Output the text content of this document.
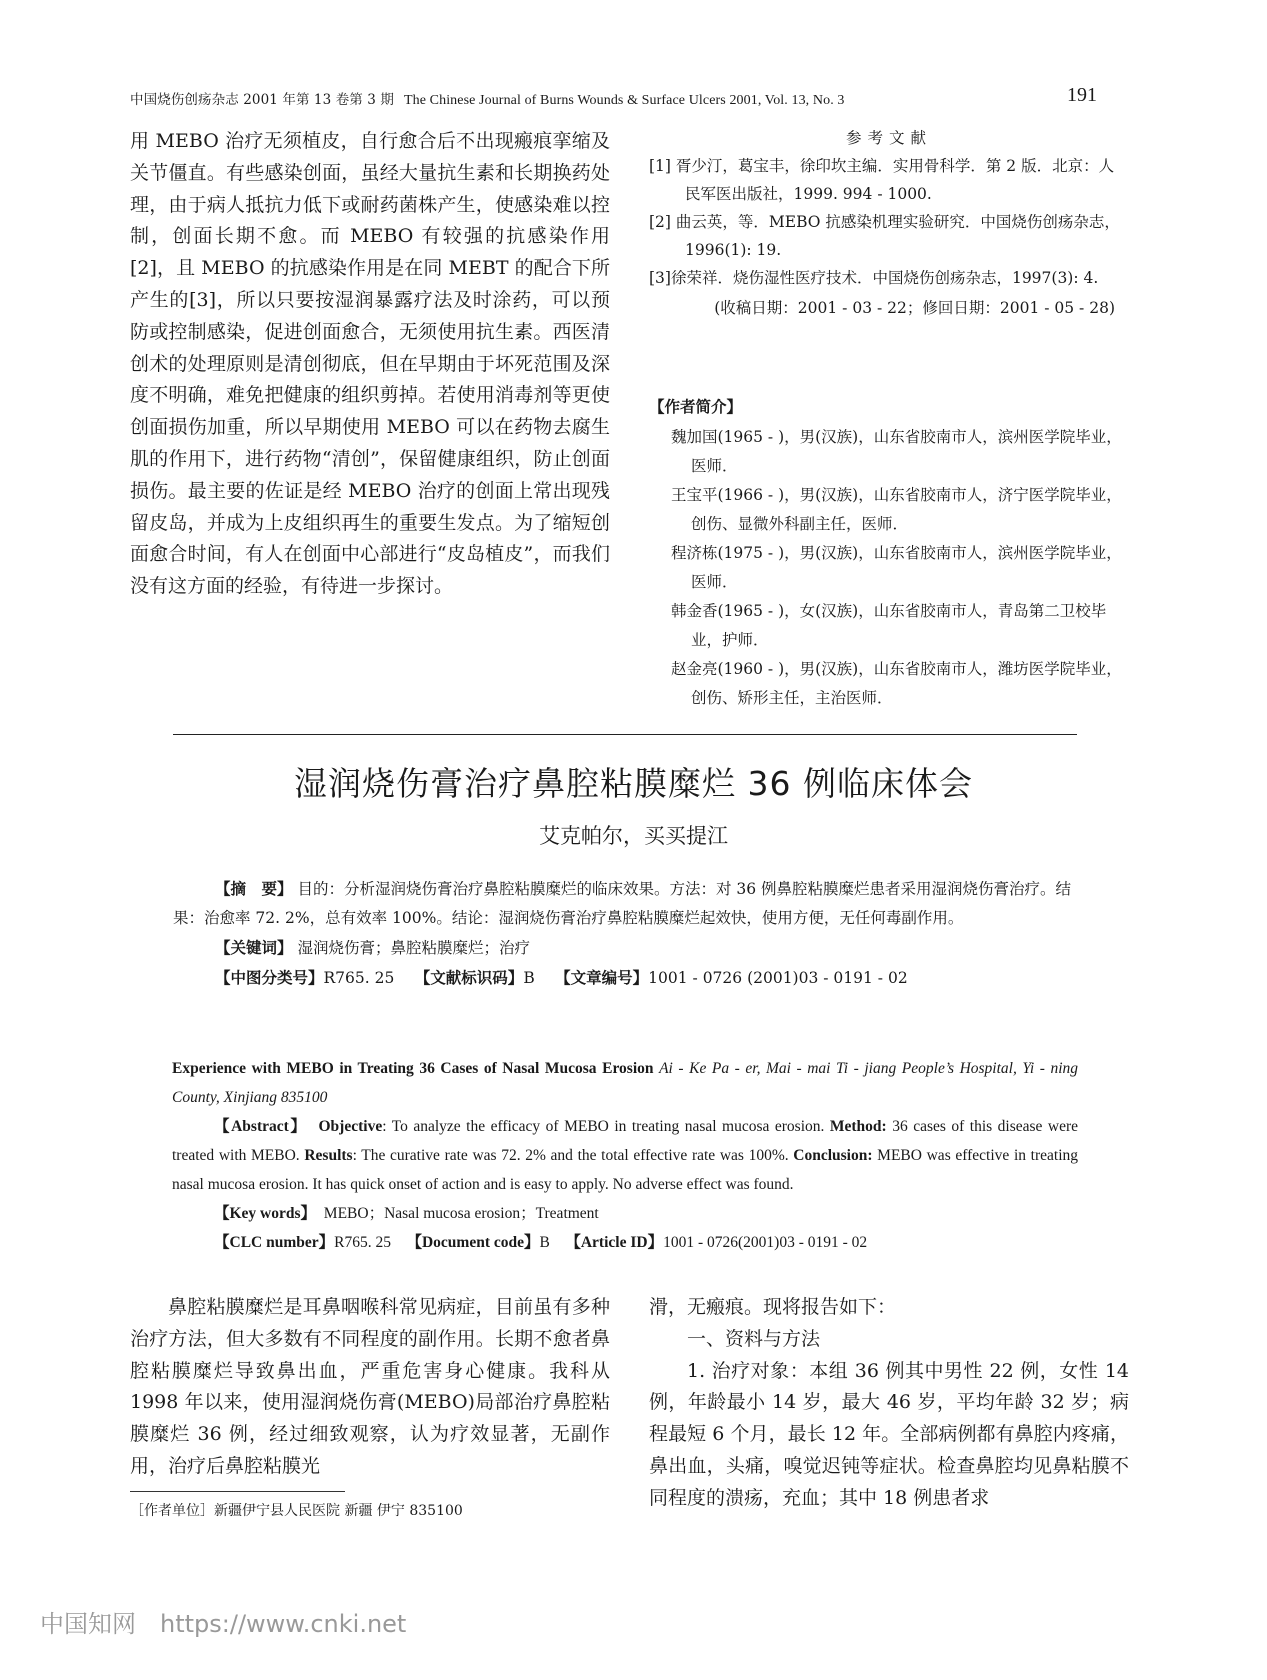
中国烧伤创疡杂志 2001 年第 13 卷第 3 期 The Chinese Journal of Burns Wounds & Surface Ulcers 2001, Vol. 13, No. 3	191

用 MEBO 治疗无须植皮，自行愈合后不出现瘢痕挛缩及关节僵直。有些感染创面，虽经大量抗生素和长期换药处理，由于病人抵抗力低下或耐药菌株产生，使感染难以控制，创面长期不愈。而 MEBO 有较强的抗感染作用[2]，且 MEBO 的抗感染作用是在同 MEBT 的配合下所产生的[3]，所以只要按湿润暴露疗法及时涂药，可以预防或控制感染，促进创面愈合，无须使用抗生素。西医清创术的处理原则是清创彻底，但在早期由于坏死范围及深度不明确，难免把健康的组织剪掉。若使用消毒剂等更使创面损伤加重，所以早期使用 MEBO 可以在药物去腐生肌的作用下，进行药物“清创”，保留健康组织，防止创面损伤。最主要的佐证是经 MEBO 治疗的创面上常出现残留皮岛，并成为上皮组织再生的重要生发点。为了缩短创面愈合时间，有人在创面中心部进行“皮岛植皮”，而我们没有这方面的经验，有待进一步探讨。

参考文献
[1] 胥少汀，葛宝丰，徐印坎主编．实用骨科学．第 2 版．北京：人民军医出版社，1999. 994 - 1000.
[2] 曲云英，等．MEBO 抗感染机理实验研究．中国烧伤创疡杂志，1996(1): 19.
[3]徐荣祥．烧伤湿性医疗技术．中国烧伤创疡杂志，1997(3): 4.
(收稿日期：2001 - 03 - 22；修回日期：2001 - 05 - 28)
【作者简介】
魏加国(1965 - )，男(汉族)，山东省胶南市人，滨州医学院毕业，医师．
王宝平(1966 - )，男(汉族)，山东省胶南市人，济宁医学院毕业，创伤、显微外科副主任，医师．
程济栋(1975 - )，男(汉族)，山东省胶南市人，滨州医学院毕业，医师．
韩金香(1965 - )，女(汉族)，山东省胶南市人，青岛第二卫校毕业，护师．
赵金亮(1960 - )，男(汉族)，山东省胶南市人，潍坊医学院毕业，创伤、矫形主任，主治医师．
湿润烧伤膏治疗鼻腔粘膜糜烂 36 例临床体会
艾克帕尔，买买提江

【摘　要】 目的：分析湿润烧伤膏治疗鼻腔粘膜糜烂的临床效果。方法：对 36 例鼻腔粘膜糜烂患者采用湿润烧伤膏治疗。结果：治愈率 72. 2%，总有效率 100%。结论：湿润烧伤膏治疗鼻腔粘膜糜烂起效快，使用方便，无任何毒副作用。

【关键词】 湿润烧伤膏；鼻腔粘膜糜烂；治疗

【中图分类号】R765. 25　 【文献标识码】B　 【文章编号】1001 - 0726 (2001)03 - 0191 - 02

Experience with MEBO in Treating 36 Cases of Nasal Mucosa Erosion Ai - Ke Pa - er, Mai - mai Ti - jiang People’s Hospital, Yi - ning County, Xinjiang 835100

【Abstract】 Objective: To analyze the efficacy of MEBO in treating nasal mucosa erosion. Method: 36 cases of this disease were treated with MEBO. Results: The curative rate was 72. 2% and the total effective rate was 100%. Conclusion: MEBO was effective in treating nasal mucosa erosion. It has quick onset of action and is easy to apply. No adverse effect was found.

【Key words】 MEBO；Nasal mucosa erosion；Treatment

【CLC number】R765. 25 【Document code】B 【Article ID】1001 - 0726(2001)03 - 0191 - 02

鼻腔粘膜糜烂是耳鼻咽喉科常见病症，目前虽有多种治疗方法，但大多数有不同程度的副作用。长期不愈者鼻腔粘膜糜烂导致鼻出血，严重危害身心健康。我科从 1998 年以来，使用湿润烧伤膏(MEBO)局部治疗鼻腔粘膜糜烂 36 例，经过细致观察，认为疗效显著，无副作用，治疗后鼻腔粘膜光

［作者单位］新疆伊宁县人民医院 新疆 伊宁 835100

滑，无瘢痕。现将报告如下：

一、资料与方法

1. 治疗对象：本组 36 例其中男性 22 例，女性 14 例，年龄最小 14 岁，最大 46 岁，平均年龄 32 岁；病程最短 6 个月，最长 12 年。全部病例都有鼻腔内疼痛，鼻出血，头痛，嗅觉迟钝等症状。检查鼻腔均见鼻粘膜不同程度的溃疡，充血；其中 18 例患者求

中国知网 https://www.cnki.net
